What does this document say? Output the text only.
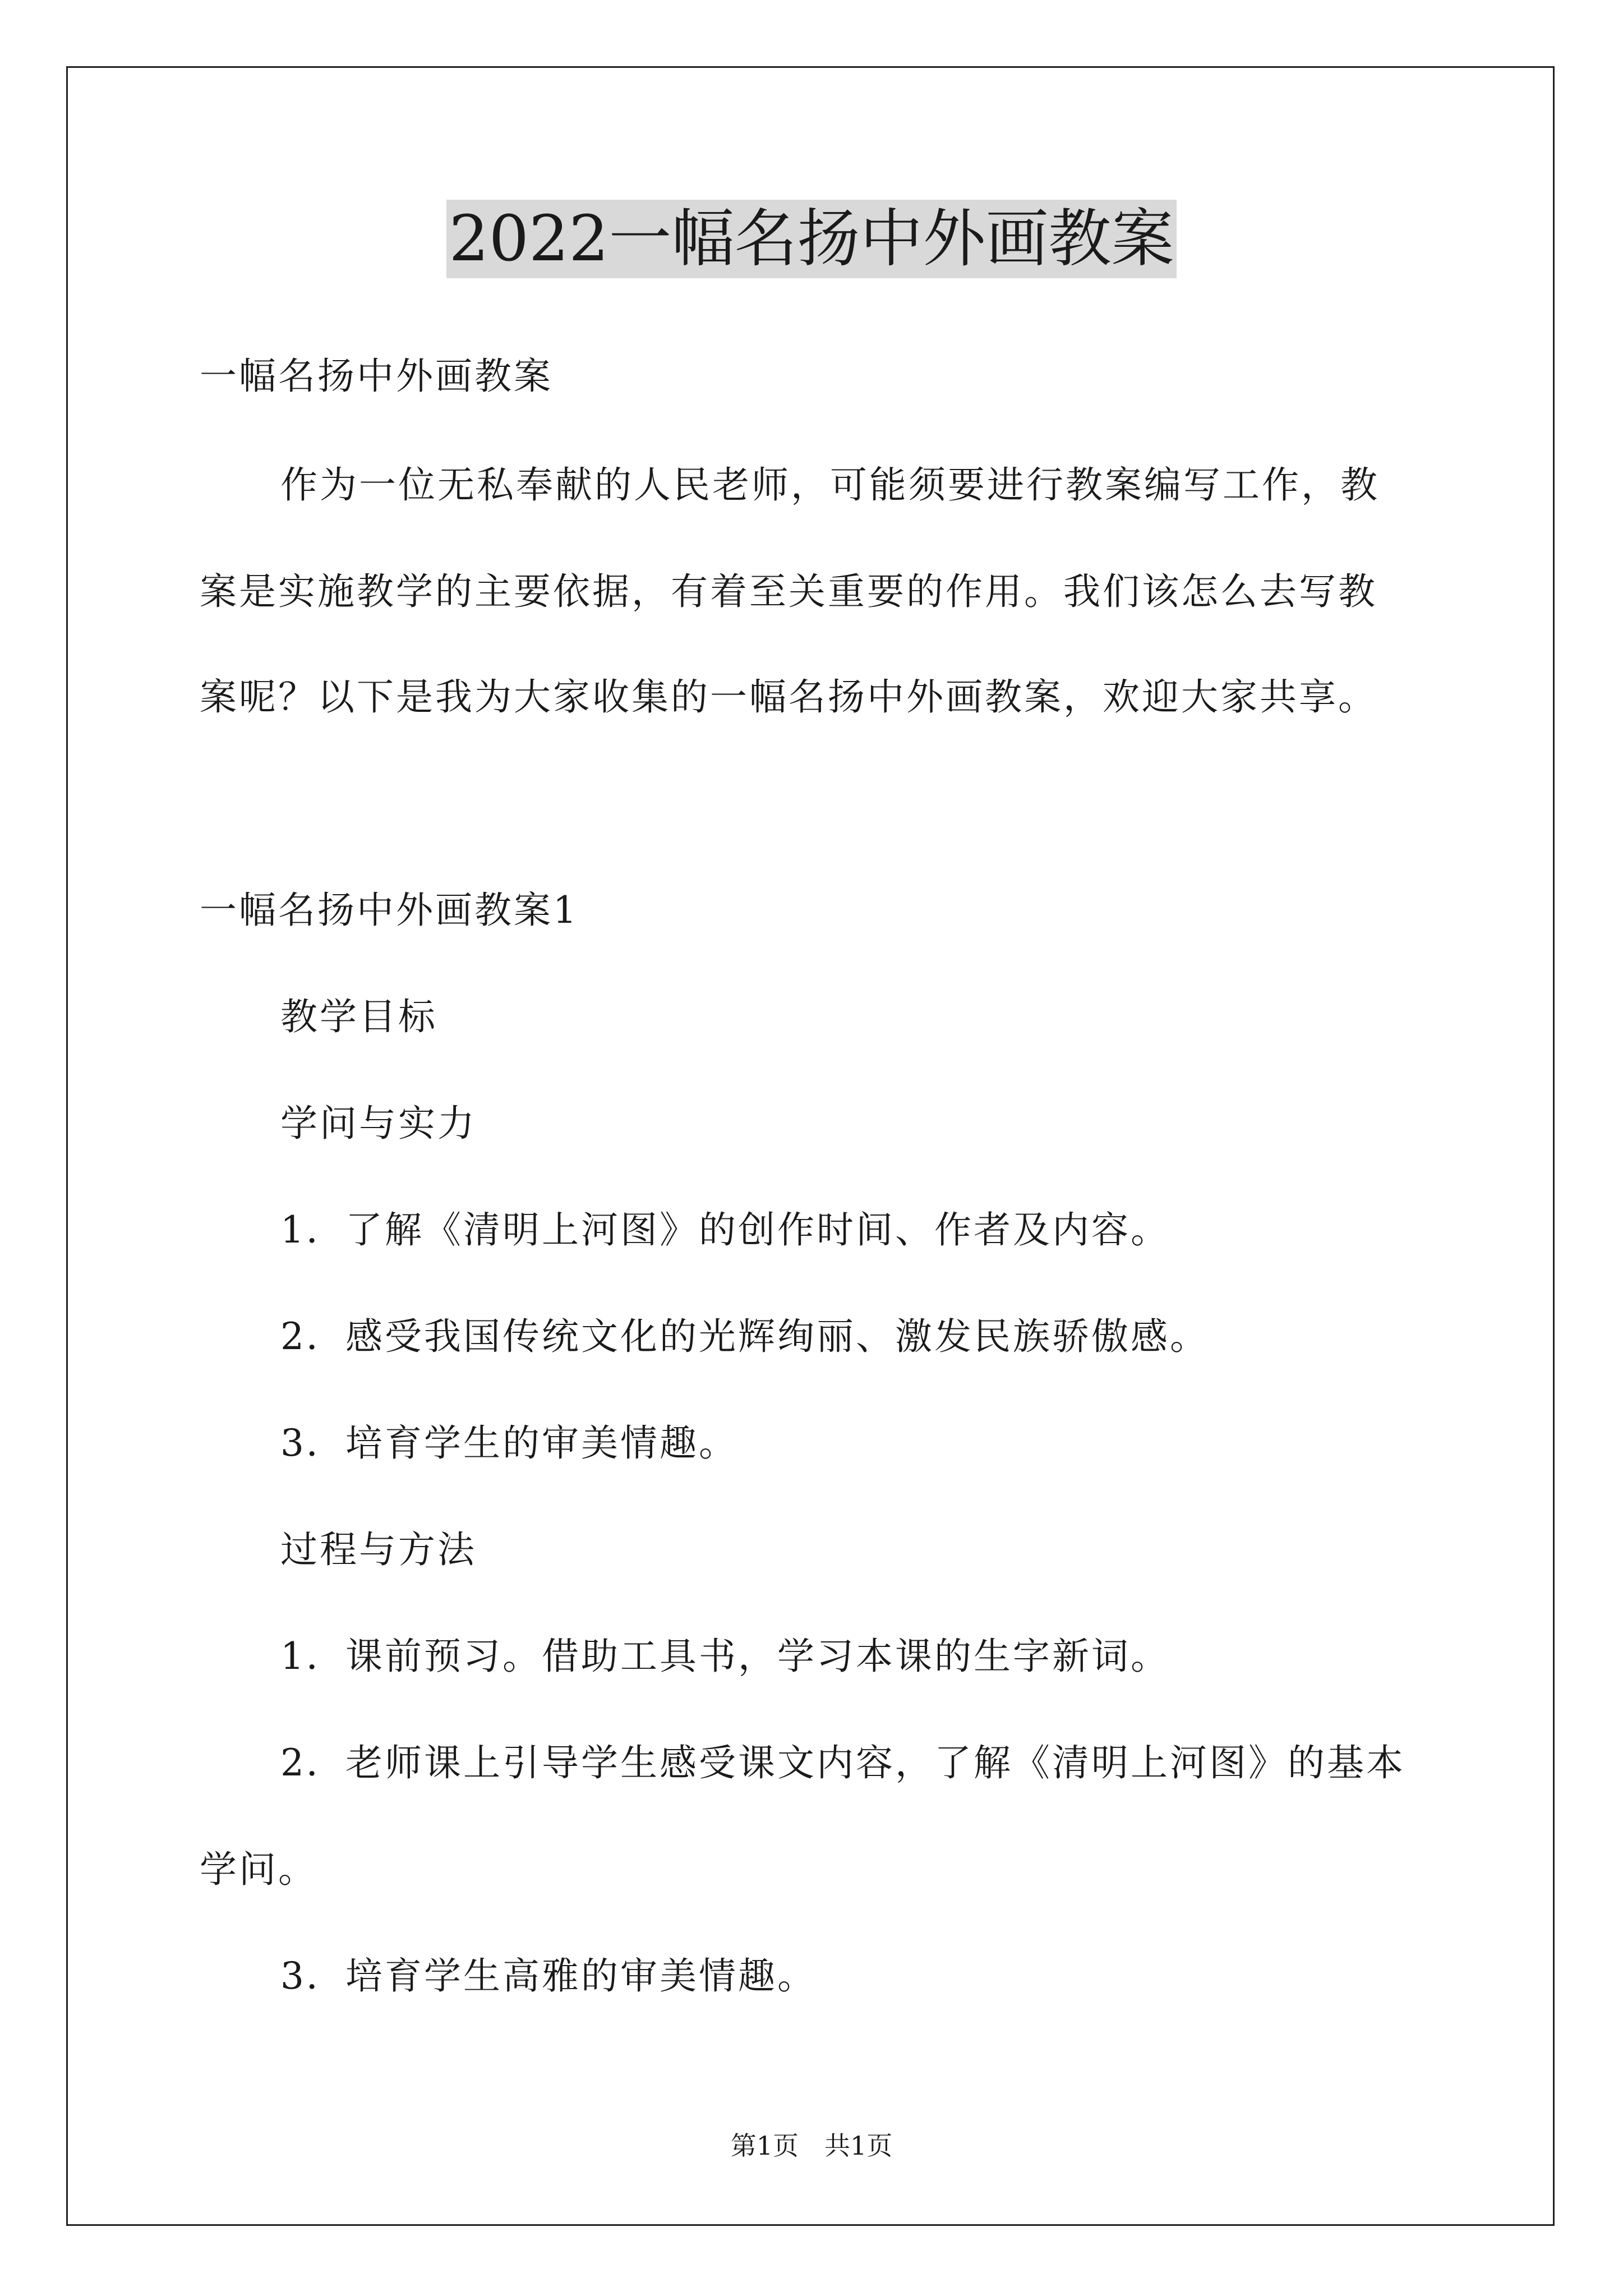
2022一幅名扬中外画教案
一幅名扬中外画教案
作为一位无私奉献的人民老师，可能须要进行教案编写工作，教
案是实施教学的主要依据，有着至关重要的作用。我们该怎么去写教
案呢？以下是我为大家收集的一幅名扬中外画教案，欢迎大家共享。
一幅名扬中外画教案1
教学目标
学问与实力
1．了解《清明上河图》的创作时间、作者及内容。
2．感受我国传统文化的光辉绚丽、激发民族骄傲感。
3．培育学生的审美情趣。
过程与方法
1．课前预习。借助工具书，学习本课的生字新词。
2．老师课上引导学生感受课文内容，了解《清明上河图》的基本
学问。
3．培育学生高雅的审美情趣。
第1页　共1页
